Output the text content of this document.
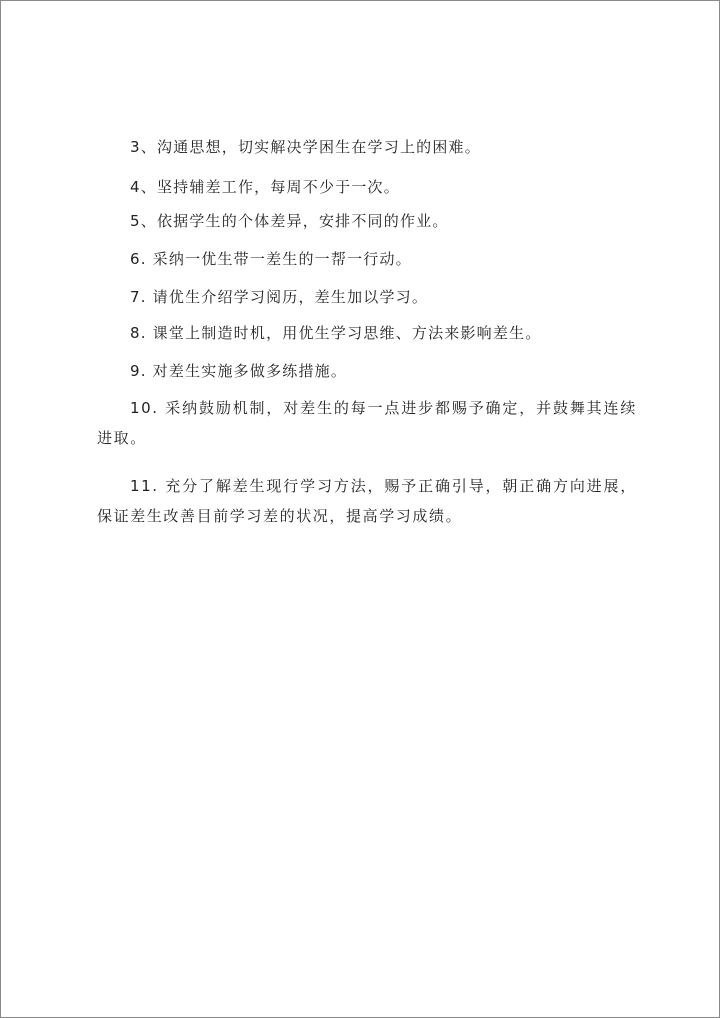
3、沟通思想，切实解决学困生在学习上的困难。

4、坚持辅差工作，每周不少于一次。

5、依据学生的个体差异，安排不同的作业。

6. 采纳一优生带一差生的一帮一行动。

7. 请优生介绍学习阅历，差生加以学习。

8. 课堂上制造时机，用优生学习思维、方法来影响差生。

9. 对差生实施多做多练措施。

10. 采纳鼓励机制，对差生的每一点进步都赐予确定，并鼓舞其连续进取。

11. 充分了解差生现行学习方法，赐予正确引导，朝正确方向进展，保证差生改善目前学习差的状况，提高学习成绩。
